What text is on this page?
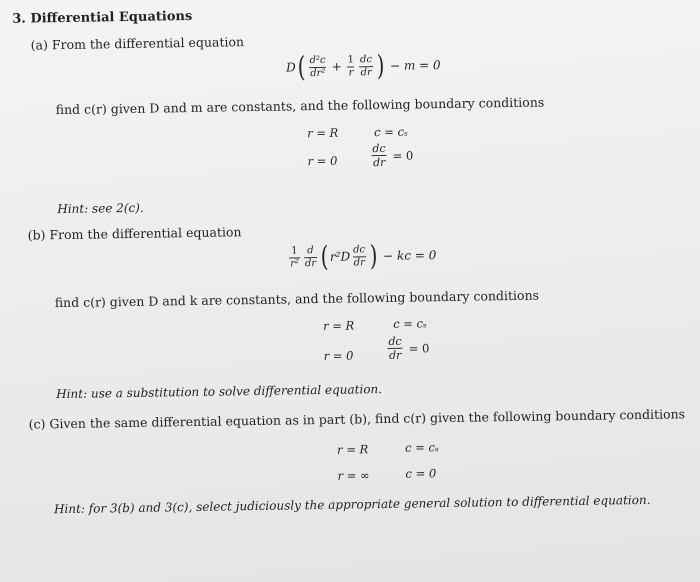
3. Differential Equations
(a) From the differential equation
D ( $\frac{\text{d²c}}{\text{dr²}} + \frac{1}{r} \frac{dc}{dr}$ ) − m = 0
find c(r) given D and m are constants, and the following boundary conditions
r = R	c = cₛ
r = 0	$\frac{dc}{dr} = 0$
Hint: see 2(c).
(b) From the differential equation
$\frac{1}{\text{r²}} \frac{d}{dr}$ ( $r^2D \frac{dc}{dr}$ ) − kc = 0
find c(r) given D and k are constants, and the following boundary conditions
r = R	c = cₛ
r = 0	$\frac{dc}{dr} = 0$
Hint: use a substitution to solve differential equation.
(c) Given the same differential equation as in part (b), find c(r) given the following boundary conditions
r = R	c = cₛ
r = ∞	c = 0
Hint: for 3(b) and 3(c), select judiciously the appropriate general solution to differential equation.
